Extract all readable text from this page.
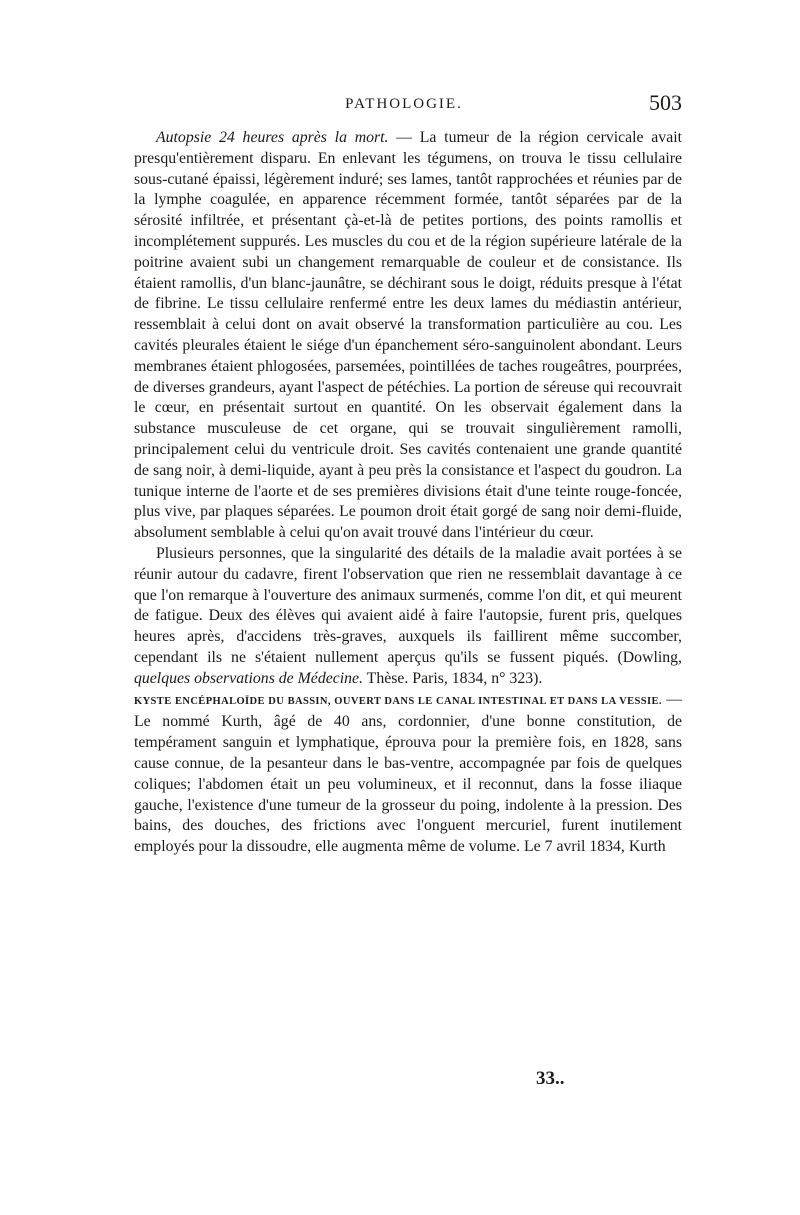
PATHOLOGIE.	503

Autopsie 24 heures après la mort. — La tumeur de la région cervicale avait presqu'entièrement disparu. En enlevant les tégumens, on trouva le tissu cellulaire sous-cutané épaissi, légèrement induré; ses lames, tantôt rapprochées et réunies par de la lymphe coagulée, en apparence récemment formée, tantôt séparées par de la sérosité infiltrée, et présentant çà-et-là de petites portions, des points ramollis et incomplétement suppurés. Les muscles du cou et de la région supérieure latérale de la poitrine avaient subi un changement remarquable de couleur et de consistance. Ils étaient ramollis, d'un blanc-jaunâtre, se déchirant sous le doigt, réduits presque à l'état de fibrine. Le tissu cellulaire renfermé entre les deux lames du médiastin antérieur, ressemblait à celui dont on avait observé la transformation particulière au cou. Les cavités pleurales étaient le siége d'un épanchement séro-sanguinolent abondant. Leurs membranes étaient phlogosées, parsemées, pointillées de taches rougeâtres, pourprées, de diverses grandeurs, ayant l'aspect de pétéchies. La portion de séreuse qui recouvrait le cœur, en présentait surtout en quantité. On les observait également dans la substance musculeuse de cet organe, qui se trouvait singulièrement ramolli, principalement celui du ventricule droit. Ses cavités contenaient une grande quantité de sang noir, à demi-liquide, ayant à peu près la consistance et l'aspect du goudron. La tunique interne de l'aorte et de ses premières divisions était d'une teinte rouge-foncée, plus vive, par plaques séparées. Le poumon droit était gorgé de sang noir demi-fluide, absolument semblable à celui qu'on avait trouvé dans l'intérieur du cœur.

Plusieurs personnes, que la singularité des détails de la maladie avait portées à se réunir autour du cadavre, firent l'observation que rien ne ressemblait davantage à ce que l'on remarque à l'ouverture des animaux surmenés, comme l'on dit, et qui meurent de fatigue. Deux des élèves qui avaient aidé à faire l'autopsie, furent pris, quelques heures après, d'accidens très-graves, auxquels ils faillirent même succomber, cependant ils ne s'étaient nullement aperçus qu'ils se fussent piqués. (Dowling, quelques observations de Médecine. Thèse. Paris, 1834, n° 323).

KYSTE ENCÉPHALOÏDE DU BASSIN, OUVERT DANS LE CANAL INTESTINAL ET DANS LA VESSIE. — Le nommé Kurth, âgé de 40 ans, cordonnier, d'une bonne constitution, de tempérament sanguin et lymphatique, éprouva pour la première fois, en 1828, sans cause connue, de la pesanteur dans le bas-ventre, accompagnée par fois de quelques coliques; l'abdomen était un peu volumineux, et il reconnut, dans la fosse iliaque gauche, l'existence d'une tumeur de la grosseur du poing, indolente à la pression. Des bains, des douches, des frictions avec l'onguent mercuriel, furent inutilement employés pour la dissoudre, elle augmenta même de volume. Le 7 avril 1834, Kurth

33..
